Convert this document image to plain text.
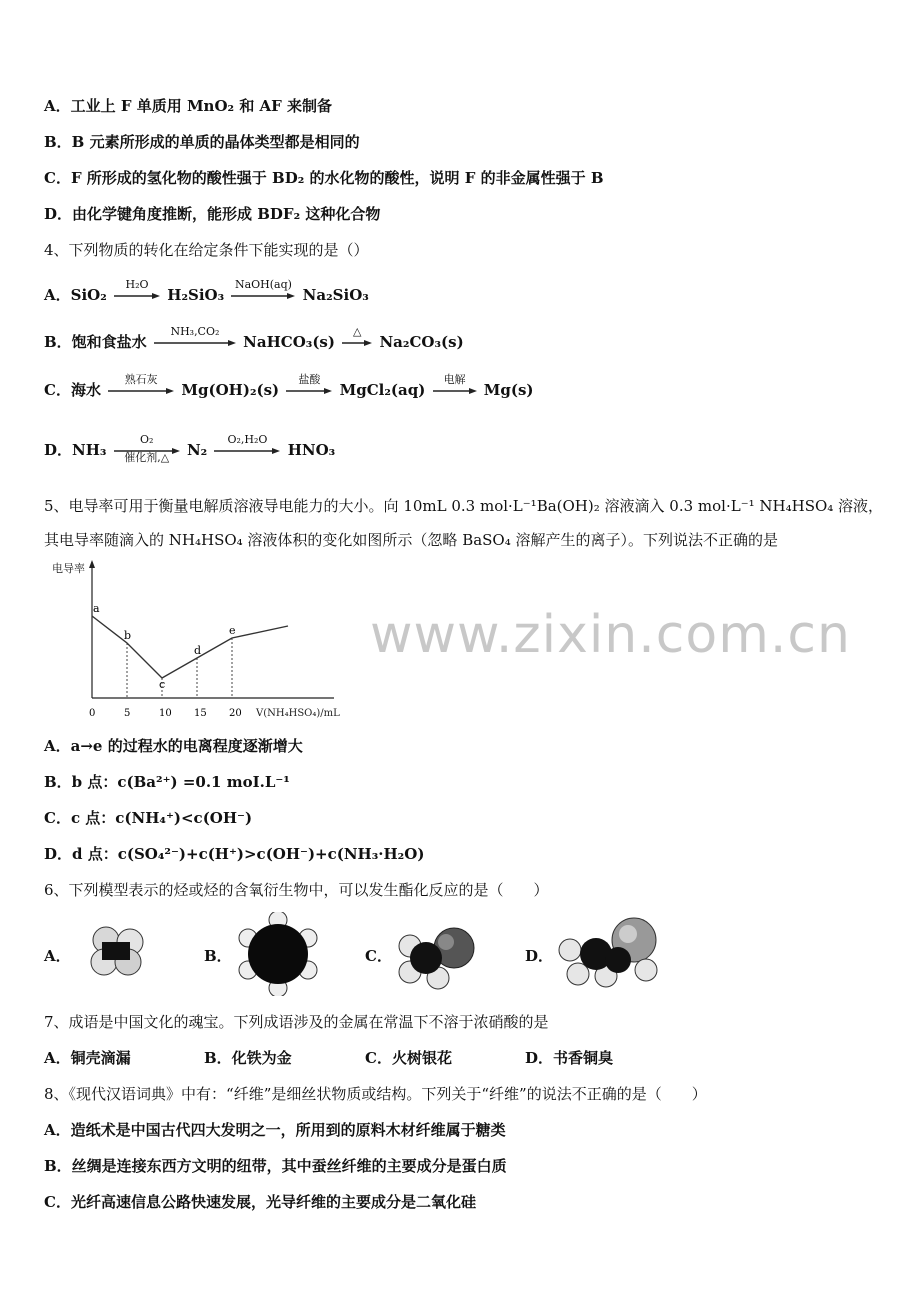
A．工业上 F 单质用 MnO₂ 和 AF 来制备
B．B 元素所形成的单质的晶体类型都是相同的
C．F 所形成的氢化物的酸性强于 BD₂ 的水化物的酸性，说明 F 的非金属性强于 B
D．由化学键角度推断，能形成 BDF₂ 这种化合物
4、下列物质的转化在给定条件下能实现的是（）
A．SiO₂
H₂O
H₂SiO₃
NaOH(aq)
Na₂SiO₃
B．饱和食盐水
NH₃,CO₂
NaHCO₃(s)
△
Na₂CO₃(s)
C．海水
熟石灰
Mg(OH)₂(s)
盐酸
MgCl₂(aq)
电解
Mg(s)
D．NH₃
O₂
催化剂,△	N₂
O₂,H₂O
HNO₃
5、电导率可用于衡量电解质溶液导电能力的大小。向 10mL 0.3 mol·L⁻¹Ba(OH)₂ 溶液滴入 0.3 mol·L⁻¹ NH₄HSO₄ 溶液，
其电导率随滴入的 NH₄HSO₄ 溶液体积的变化如图所示（忽略 BaSO₄ 溶解产生的离子）。下列说法不正确的是
www.zixin.com.cn
电导率
0	5	10 15 20
a
b
c
d
e
V(NH₄HSO₄)/mL
A．a→e 的过程水的电离程度逐渐增大
B．b 点：c(Ba²⁺) =0.1 moI.L⁻¹
C．c 点：c(NH₄⁺)<c(OH⁻)
D．d 点：c(SO₄²⁻)+c(H⁺)>c(OH⁻)+c(NH₃·H₂O)
6、下列模型表示的烃或烃的含氧衍生物中，可以发生酯化反应的是（　　）
A．	B．	C．	D．
7、成语是中国文化的魂宝。下列成语涉及的金属在常温下不溶于浓硝酸的是
A．铜壳滴漏	B．化铁为金	C．火树银花	D．书香铜臭
8、《现代汉语词典》中有：“纤维”是细丝状物质或结构。下列关于“纤维”的说法不正确的是（　　）
A．造纸术是中国古代四大发明之一，所用到的原料木材纤维属于糖类
B．丝绸是连接东西方文明的纽带，其中蚕丝纤维的主要成分是蛋白质
C．光纤高速信息公路快速发展，光导纤维的主要成分是二氧化硅
